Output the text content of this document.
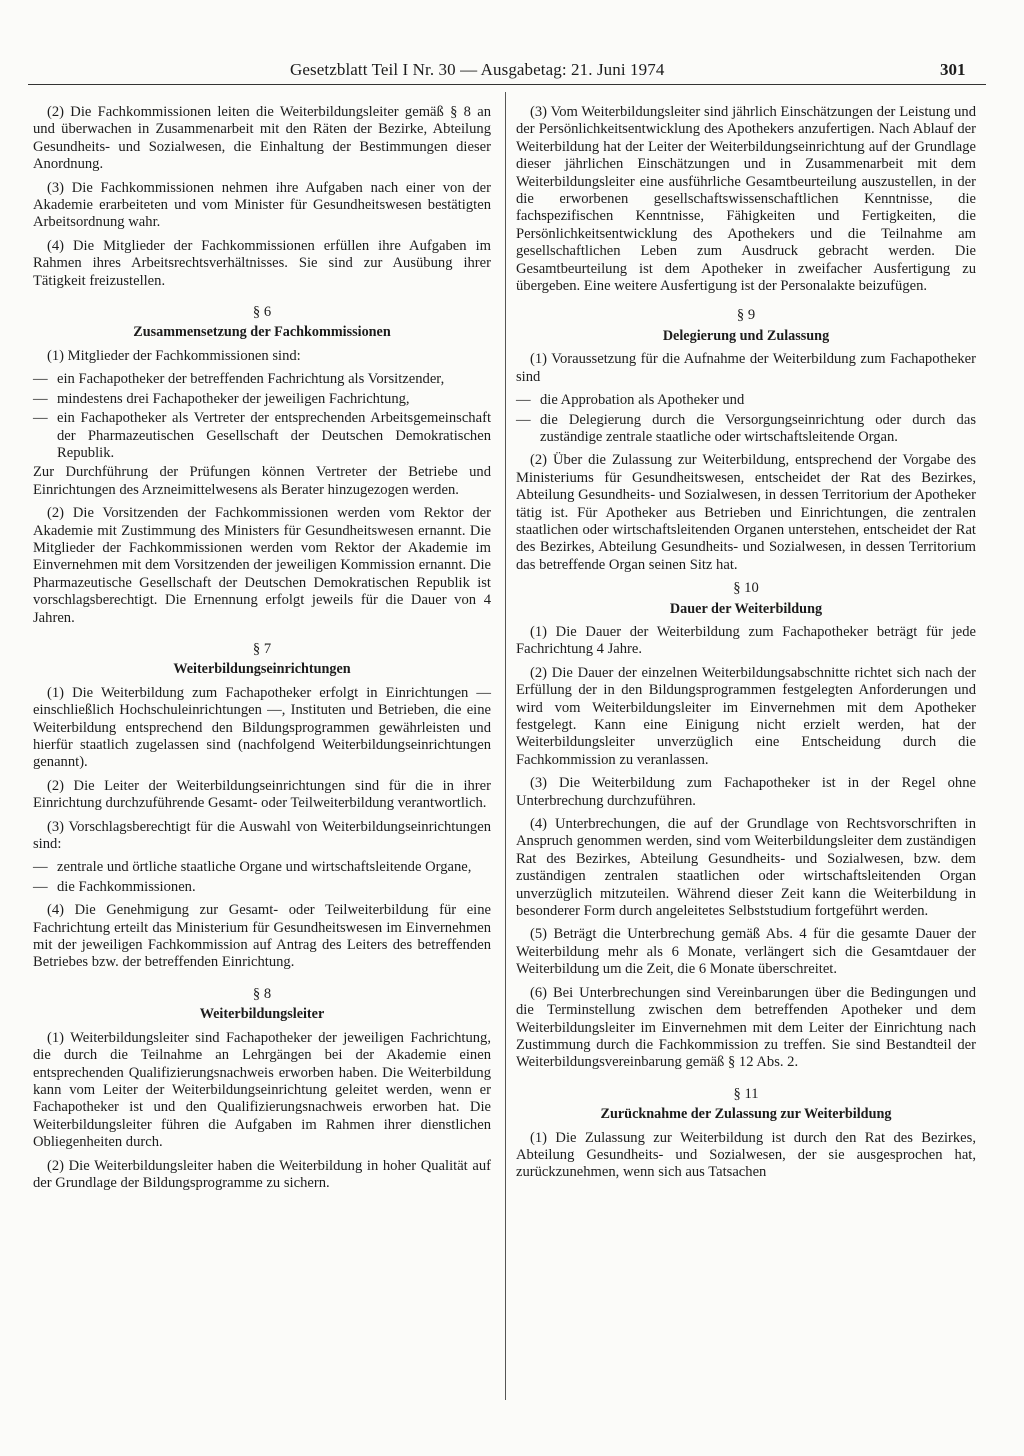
Gesetzblatt Teil I Nr. 30 — Ausgabetag: 21. Juni 1974	301

(2) Die Fachkommissionen leiten die Weiterbildungsleiter gemäß § 8 an und überwachen in Zusammenarbeit mit den Räten der Bezirke, Abteilung Gesundheits- und Sozialwesen, die Einhaltung der Bestimmungen dieser Anordnung.

(3) Die Fachkommissionen nehmen ihre Aufgaben nach einer von der Akademie erarbeiteten und vom Minister für Gesundheitswesen bestätigten Arbeitsordnung wahr.

(4) Die Mitglieder der Fachkommissionen erfüllen ihre Aufgaben im Rahmen ihres Arbeitsrechtsverhältnisses. Sie sind zur Ausübung ihrer Tätigkeit freizustellen.

§ 6
Zusammensetzung der Fachkommissionen

(1) Mitglieder der Fachkommissionen sind:

— ein Fachapotheker der betreffenden Fachrichtung als Vorsitzender,
— mindestens drei Fachapotheker der jeweiligen Fachrichtung,
— ein Fachapotheker als Vertreter der entsprechenden Arbeitsgemeinschaft der Pharmazeutischen Gesellschaft der Deutschen Demokratischen Republik.

Zur Durchführung der Prüfungen können Vertreter der Betriebe und Einrichtungen des Arzneimittelwesens als Berater hinzugezogen werden.

(2) Die Vorsitzenden der Fachkommissionen werden vom Rektor der Akademie mit Zustimmung des Ministers für Gesundheitswesen ernannt. Die Mitglieder der Fachkommissionen werden vom Rektor der Akademie im Einvernehmen mit dem Vorsitzenden der jeweiligen Kommission ernannt. Die Pharmazeutische Gesellschaft der Deutschen Demokratischen Republik ist vorschlagsberechtigt. Die Ernennung erfolgt jeweils für die Dauer von 4 Jahren.

§ 7
Weiterbildungseinrichtungen

(1) Die Weiterbildung zum Fachapotheker erfolgt in Einrichtungen — einschließlich Hochschuleinrichtungen —, Instituten und Betrieben, die eine Weiterbildung entsprechend den Bildungsprogrammen gewährleisten und hierfür staatlich zugelassen sind (nachfolgend Weiterbildungseinrichtungen genannt).

(2) Die Leiter der Weiterbildungseinrichtungen sind für die in ihrer Einrichtung durchzuführende Gesamt- oder Teilweiterbildung verantwortlich.

(3) Vorschlagsberechtigt für die Auswahl von Weiterbildungseinrichtungen sind:

— zentrale und örtliche staatliche Organe und wirtschaftsleitende Organe,
— die Fachkommissionen.

(4) Die Genehmigung zur Gesamt- oder Teilweiterbildung für eine Fachrichtung erteilt das Ministerium für Gesundheitswesen im Einvernehmen mit der jeweiligen Fachkommission auf Antrag des Leiters des betreffenden Betriebes bzw. der betreffenden Einrichtung.

§ 8
Weiterbildungsleiter

(1) Weiterbildungsleiter sind Fachapotheker der jeweiligen Fachrichtung, die durch die Teilnahme an Lehrgängen bei der Akademie einen entsprechenden Qualifizierungsnachweis erworben haben. Die Weiterbildung kann vom Leiter der Weiterbildungseinrichtung geleitet werden, wenn er Fachapotheker ist und den Qualifizierungsnachweis erworben hat. Die Weiterbildungsleiter führen die Aufgaben im Rahmen ihrer dienstlichen Obliegenheiten durch.

(2) Die Weiterbildungsleiter haben die Weiterbildung in hoher Qualität auf der Grundlage der Bildungsprogramme zu sichern.

(3) Vom Weiterbildungsleiter sind jährlich Einschätzungen der Leistung und der Persönlichkeitsentwicklung des Apothekers anzufertigen. Nach Ablauf der Weiterbildung hat der Leiter der Weiterbildungseinrichtung auf der Grundlage dieser jährlichen Einschätzungen und in Zusammenarbeit mit dem Weiterbildungsleiter eine ausführliche Gesamtbeurteilung auszustellen, in der die erworbenen gesellschaftswissenschaftlichen Kenntnisse, die fachspezifischen Kenntnisse, Fähigkeiten und Fertigkeiten, die Persönlichkeitsentwicklung des Apothekers und die Teilnahme am gesellschaftlichen Leben zum Ausdruck gebracht werden. Die Gesamtbeurteilung ist dem Apotheker in zweifacher Ausfertigung zu übergeben. Eine weitere Ausfertigung ist der Personalakte beizufügen.

§ 9
Delegierung und Zulassung

(1) Voraussetzung für die Aufnahme der Weiterbildung zum Fachapotheker sind

— die Approbation als Apotheker und
— die Delegierung durch die Versorgungseinrichtung oder durch das zuständige zentrale staatliche oder wirtschaftsleitende Organ.

(2) Über die Zulassung zur Weiterbildung, entsprechend der Vorgabe des Ministeriums für Gesundheitswesen, entscheidet der Rat des Bezirkes, Abteilung Gesundheits- und Sozialwesen, in dessen Territorium der Apotheker tätig ist. Für Apotheker aus Betrieben und Einrichtungen, die zentralen staatlichen oder wirtschaftsleitenden Organen unterstehen, entscheidet der Rat des Bezirkes, Abteilung Gesundheits- und Sozialwesen, in dessen Territorium das betreffende Organ seinen Sitz hat.

§ 10
Dauer der Weiterbildung

(1) Die Dauer der Weiterbildung zum Fachapotheker beträgt für jede Fachrichtung 4 Jahre.

(2) Die Dauer der einzelnen Weiterbildungsabschnitte richtet sich nach der Erfüllung der in den Bildungsprogrammen festgelegten Anforderungen und wird vom Weiterbildungsleiter im Einvernehmen mit dem Apotheker festgelegt. Kann eine Einigung nicht erzielt werden, hat der Weiterbildungsleiter unverzüglich eine Entscheidung durch die Fachkommission zu veranlassen.

(3) Die Weiterbildung zum Fachapotheker ist in der Regel ohne Unterbrechung durchzuführen.

(4) Unterbrechungen, die auf der Grundlage von Rechtsvorschriften in Anspruch genommen werden, sind vom Weiterbildungsleiter dem zuständigen Rat des Bezirkes, Abteilung Gesundheits- und Sozialwesen, bzw. dem zuständigen zentralen staatlichen oder wirtschaftsleitenden Organ unverzüglich mitzuteilen. Während dieser Zeit kann die Weiterbildung in besonderer Form durch angeleitetes Selbststudium fortgeführt werden.

(5) Beträgt die Unterbrechung gemäß Abs. 4 für die gesamte Dauer der Weiterbildung mehr als 6 Monate, verlängert sich die Gesamtdauer der Weiterbildung um die Zeit, die 6 Monate überschreitet.

(6) Bei Unterbrechungen sind Vereinbarungen über die Bedingungen und die Terminstellung zwischen dem betreffenden Apotheker und dem Weiterbildungsleiter im Einvernehmen mit dem Leiter der Einrichtung nach Zustimmung durch die Fachkommission zu treffen. Sie sind Bestandteil der Weiterbildungsvereinbarung gemäß § 12 Abs. 2.

§ 11
Zurücknahme der Zulassung zur Weiterbildung

(1) Die Zulassung zur Weiterbildung ist durch den Rat des Bezirkes, Abteilung Gesundheits- und Sozialwesen, der sie ausgesprochen hat, zurückzunehmen, wenn sich aus Tatsachen
